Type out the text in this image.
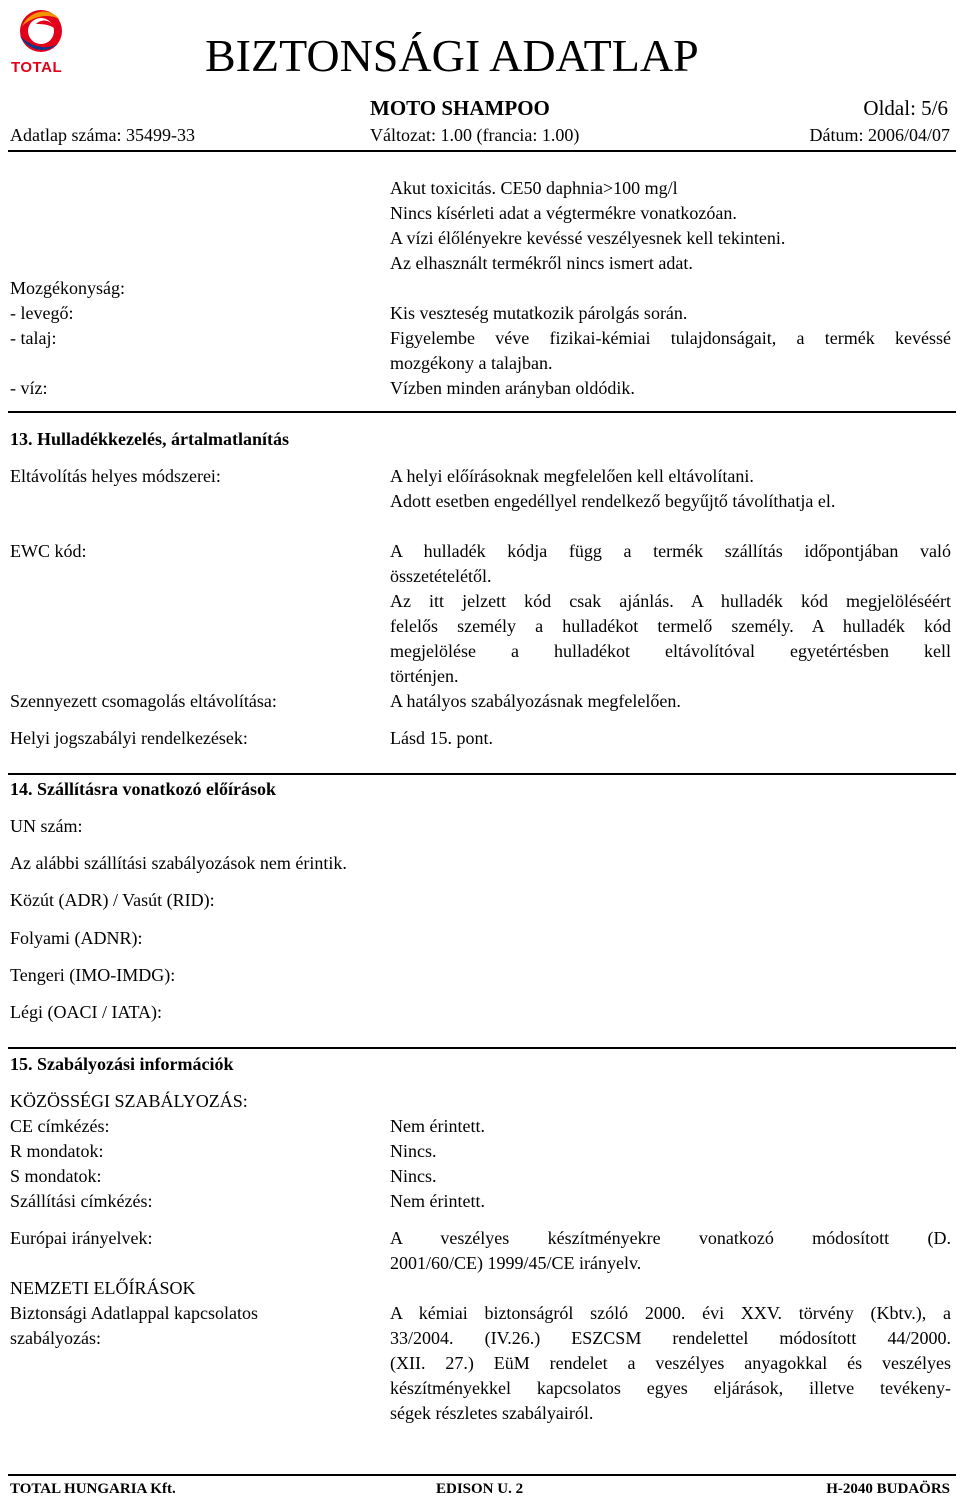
TOTAL	BIZTONSÁGI ADATLAP
MOTO SHAMPOO	Oldal: 5/6
Adatlap száma: 35499-33	Változat: 1.00 (francia: 1.00)	Dátum: 2006/04/07
Akut toxicitás. CE50 daphnia>100 mg/l
Nincs kísérleti adat a végtermékre vonatkozóan.
A vízi élőlényekre kevéssé veszélyesnek kell tekinteni.
Az elhasznált termékről nincs ismert adat.
Mozgékonyság:
- levegő:	Kis veszteség mutatkozik párolgás során.
- talaj:	Figyelembe véve fizikai-kémiai tulajdonságait, a termék kevéssé
mozgékony a talajban.
- víz:	Vízben minden arányban oldódik.
13. Hulladékkezelés, ártalmatlanítás
Eltávolítás helyes módszerei:	A helyi előírásoknak megfelelően kell eltávolítani.
Adott esetben engedéllyel rendelkező begyűjtő távolíthatja el.
EWC kód:	A hulladék kódja függ a termék szállítás időpontjában való
összetételétől.
Az itt jelzett kód csak ajánlás. A hulladék kód megjelöléséért
felelős személy a hulladékot termelő személy. A hulladék kód
megjelölése a hulladékot eltávolítóval egyetértésben kell
történjen.
Szennyezett csomagolás eltávolítása:	A hatályos szabályozásnak megfelelően.
Helyi jogszabályi rendelkezések:	Lásd 15. pont.
14. Szállításra vonatkozó előírások
UN szám:
Az alábbi szállítási szabályozások nem érintik.
Közút (ADR) / Vasút (RID):
Folyami (ADNR):
Tengeri (IMO-IMDG):
Légi (OACI / IATA):
15. Szabályozási információk
KÖZÖSSÉGI SZABÁLYOZÁS:
CE címkézés:	Nem érintett.
R mondatok:	Nincs.
S mondatok:	Nincs.
Szállítási címkézés:	Nem érintett.
Európai irányelvek:	A veszélyes készítményekre vonatkozó módosított (D.
2001/60/CE) 1999/45/CE irányelv.
NEMZETI ELŐÍRÁSOK
Biztonsági Adatlappal kapcsolatos
szabályozás:
A kémiai biztonságról szóló 2000. évi XXV. törvény (Kbtv.), a
33/2004. (IV.26.) ESZCSM rendelettel módosított 44/2000.
(XII. 27.) EüM rendelet a veszélyes anyagokkal és veszélyes
készítményekkel kapcsolatos egyes eljárások, illetve tevékeny-
ségek részletes szabályairól.
TOTAL HUNGARIA Kft.	EDISON U. 2	H-2040 BUDAÖRS
